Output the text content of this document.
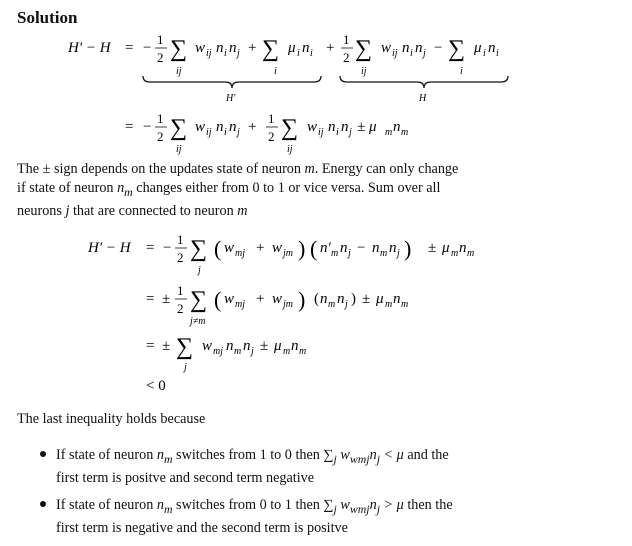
Solution
H′ − H = −
1
2 ∑
ij
w ij n i n j + ∑
i
μ i n i +
1
2 ∑
ij
w ij n i n j − ∑
i
μ i n i
H′	H
= −
1
2 ∑
ij
w ij n i n j +
1
2 ∑
ij
w ij n i n j ± μ m n m
The ± sign depends on the updates state of neuron m. Energy can only change
if state of neuron $n_m$ changes either from 0 to 1 or vice versa. Sum over all
neurons j that are connected to neuron m
H′ − H = −
1
2 ∑
j
( w mj + w jm ) ( n′ m n j − n m n j ) ± μ m n m
= ±
1
2 ∑
j≠m
( w mj + w jm ) ( n m n j ) ± μ m n m
= ± ∑
j
w mj n m n j ± μ m n m
< 0
The last inequality holds because
If state of neuron $n_m$ switches from 1 to 0 then $\sum_j$ $w_{wmj}n_j < \mu$ and the
first term is positve and second term negative
If state of neuron $n_m$ switches from 0 to 1 then $\sum_j$ $w_{wmj}n_j > \mu$ then the
first term is negative and the second term is positve
